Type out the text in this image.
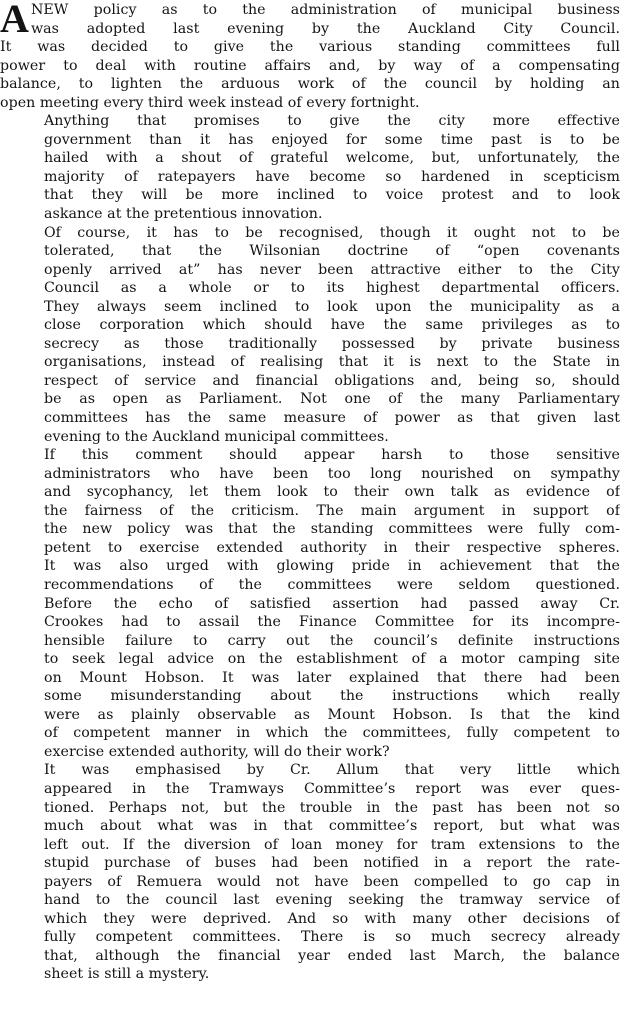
A NEW policy as to the administration of municipal business
was adopted last evening by the Auckland City Council.
It was decided to give the various standing committees full
power to deal with routine affairs and, by way of a compensating
balance, to lighten the arduous work of the council by holding an
open meeting every third week instead of every fortnight.

Anything that promises to give the city more effective
government than it has enjoyed for some time past is to be
hailed with a shout of grateful welcome, but, unfortunately, the
majority of ratepayers have become so hardened in scepticism
that they will be more inclined to voice protest and to look
askance at the pretentious innovation.

Of course, it has to be recognised, though it ought not to be
tolerated, that the Wilsonian doctrine of “open covenants
openly arrived at” has never been attractive either to the City
Council as a whole or to its highest departmental officers.
They always seem inclined to look upon the municipality as a
close corporation which should have the same privileges as to
secrecy as those traditionally possessed by private business
organisations, instead of realising that it is next to the State in
respect of service and financial obligations and, being so, should
be as open as Parliament. Not one of the many Parliamentary
committees has the same measure of power as that given last
evening to the Auckland municipal committees.

If this comment should appear harsh to those sensitive
administrators who have been too long nourished on sympathy
and sycophancy, let them look to their own talk as evidence of
the fairness of the criticism. The main argument in support of
the new policy was that the standing committees were fully com-
petent to exercise extended authority in their respective spheres.
It was also urged with glowing pride in achievement that the
recommendations of the committees were seldom questioned.
Before the echo of satisfied assertion had passed away Cr.
Crookes had to assail the Finance Committee for its incompre-
hensible failure to carry out the council’s definite instructions
to seek legal advice on the establishment of a motor camping site
on Mount Hobson. It was later explained that there had been
some misunderstanding about the instructions which really
were as plainly observable as Mount Hobson. Is that the kind
of competent manner in which the committees, fully competent to
exercise extended authority, will do their work?

It was emphasised by Cr. Allum that very little which
appeared in the Tramways Committee’s report was ever ques-
tioned. Perhaps not, but the trouble in the past has been not so
much about what was in that committee’s report, but what was
left out. If the diversion of loan money for tram extensions to the
stupid purchase of buses had been notified in a report the rate-
payers of Remuera would not have been compelled to go cap in
hand to the council last evening seeking the tramway service of
which they were deprived. And so with many other decisions of
fully competent committees. There is so much secrecy already
that, although the financial year ended last March, the balance
sheet is still a mystery.
